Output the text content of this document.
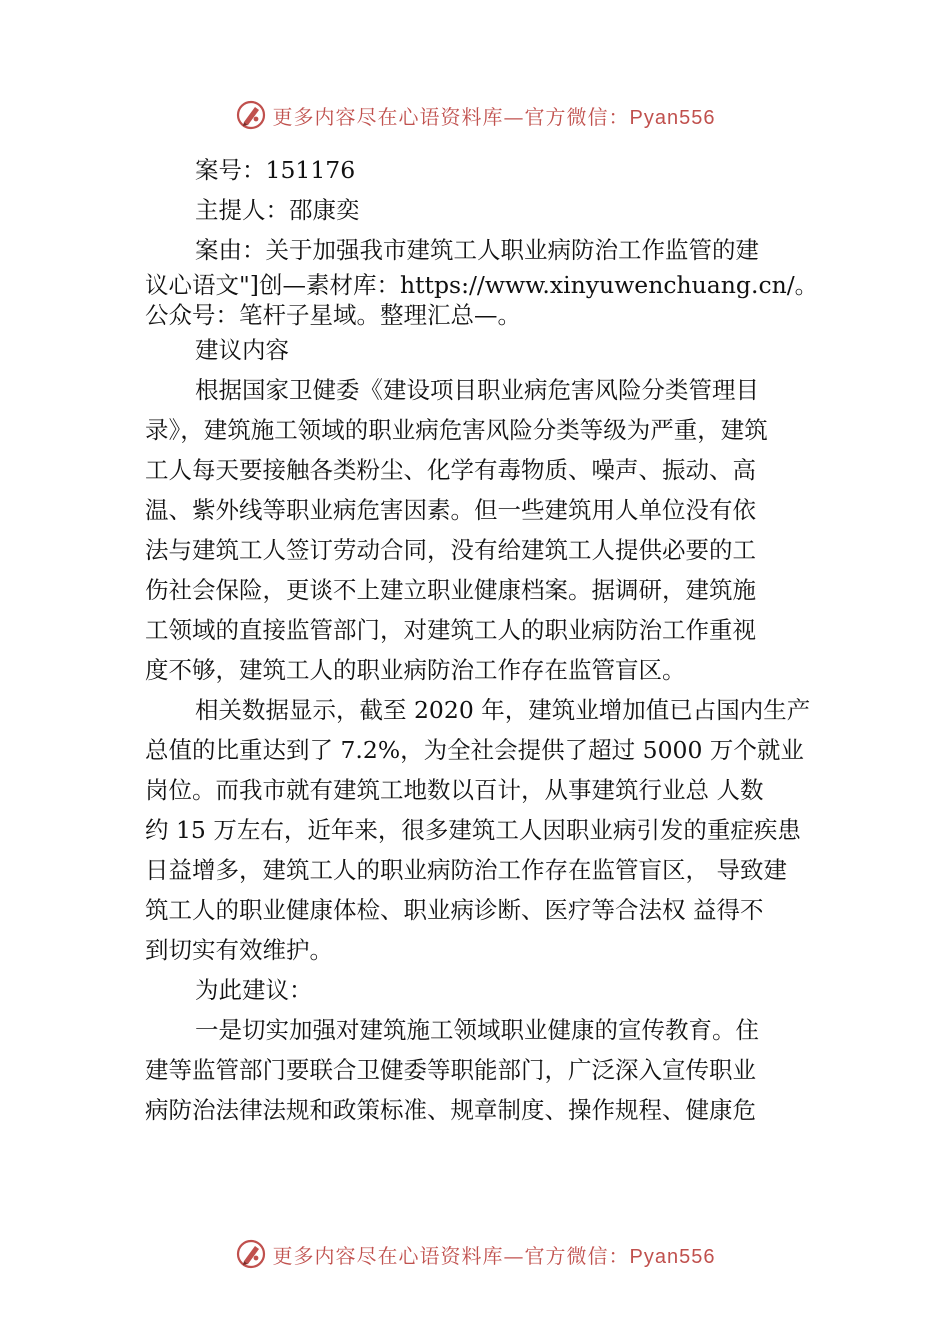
更多内容尽在心语资料库—官方微信：Pyan556
案号：151176
主提人：邵康奕
案由：关于加强我市建筑工人职业病防治工作监管的建
议心语文"]创—素材库：https://www.xinyuwenchuang.cn/。
公众号：笔杆子星域。整理汇总—。
建议内容
根据国家卫健委《建设项目职业病危害风险分类管理目
录》，建筑施工领域的职业病危害风险分类等级为严重，建筑
工人每天要接触各类粉尘、化学有毒物质、噪声、振动、高
温、紫外线等职业病危害因素。但一些建筑用人单位没有依
法与建筑工人签订劳动合同，没有给建筑工人提供必要的工
伤社会保险，更谈不上建立职业健康档案。据调研，建筑施
工领域的直接监管部门，对建筑工人的职业病防治工作重视
度不够，建筑工人的职业病防治工作存在监管盲区。
相关数据显示，截至 2020 年，建筑业增加值已占国内生产
总值的比重达到了 7.2%，为全社会提供了超过 5000 万个就业
岗位。而我市就有建筑工地数以百计，从事建筑行业总 人数
约 15 万左右，近年来，很多建筑工人因职业病引发的重症疾患
日益增多，建筑工人的职业病防治工作存在监管盲区， 导致建
筑工人的职业健康体检、职业病诊断、医疗等合法权 益得不
到切实有效维护。
为此建议：
一是切实加强对建筑施工领域职业健康的宣传教育。住
建等监管部门要联合卫健委等职能部门，广泛深入宣传职业
病防治法律法规和政策标准、规章制度、操作规程、健康危
更多内容尽在心语资料库—官方微信：Pyan556
